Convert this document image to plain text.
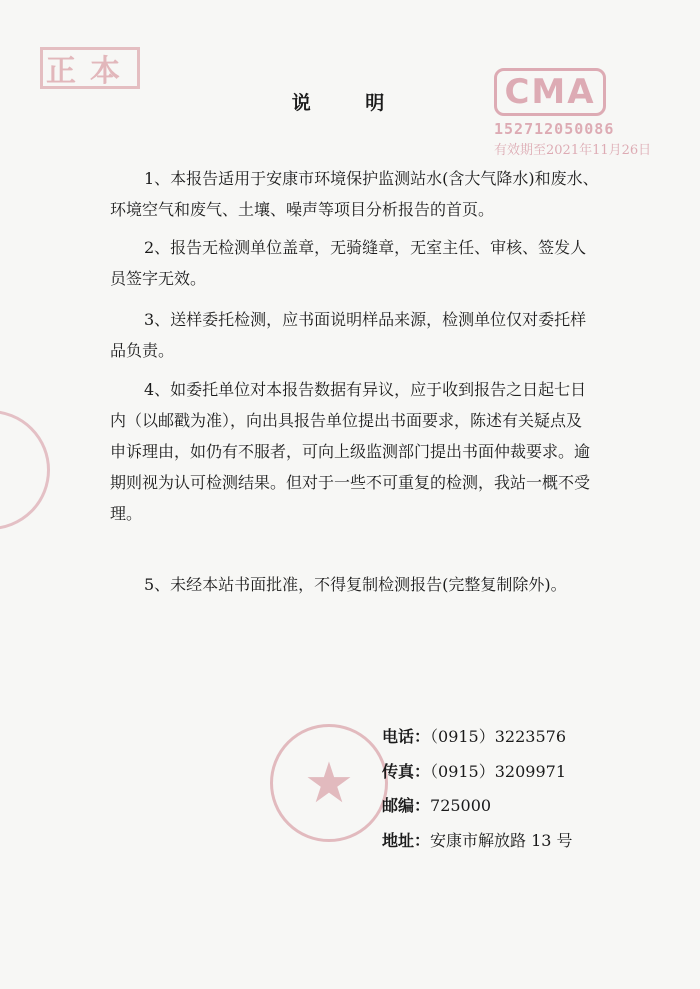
正本
CMA
152712050086
有效期至2021年11月26日
说 明

1、本报告适用于安康市环境保护监测站水(含大气降水)和废水、
环境空气和废气、土壤、噪声等项目分析报告的首页。

2、报告无检测单位盖章，无骑缝章，无室主任、审核、签发人
员签字无效。

3、送样委托检测，应书面说明样品来源，检测单位仅对委托样
品负责。

4、如委托单位对本报告数据有异议，应于收到报告之日起七日
内（以邮戳为准），向出具报告单位提出书面要求，陈述有关疑点及
申诉理由，如仍有不服者，可向上级监测部门提出书面仲裁要求。逾
期则视为认可检测结果。但对于一些不可重复的检测，我站一概不受
理。

5、未经本站书面批准，不得复制检测报告(完整复制除外)。

★
电话：（0915）3223576
传真：（0915）3209971
邮编：725000
地址：安康市解放路 13 号
